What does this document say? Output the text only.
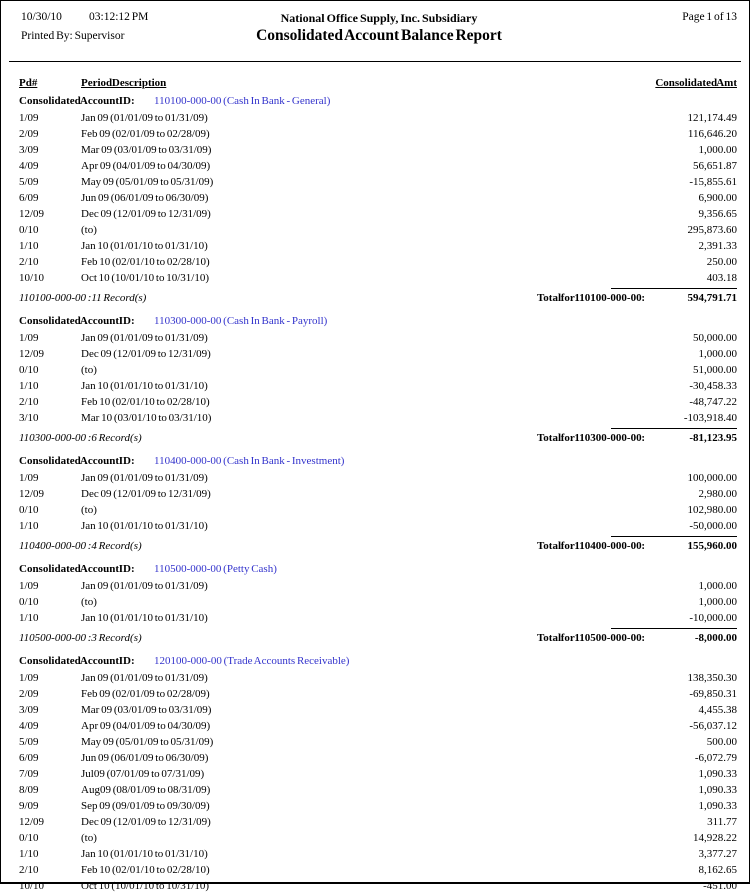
10/30/10 03:12:12 PM	National Office Supply, Inc. Subsidiary	Page 1 of 13
Printed By: Supervisor	Consolidated Account Balance Report
Pd#	Period Description	Consolidated Amt
Consolidated Account ID:	110100-000-00 (Cash In Bank - General)
1/09	Jan 09 (01/01/09 to 01/31/09)	121,174.49
2/09	Feb 09 (02/01/09 to 02/28/09)	116,646.20
3/09	Mar 09 (03/01/09 to 03/31/09)	1,000.00
4/09	Apr 09 (04/01/09 to 04/30/09)	56,651.87
5/09	May 09 (05/01/09 to 05/31/09)	-15,855.61
6/09	Jun 09 (06/01/09 to 06/30/09)	6,900.00
12/09	Dec 09 (12/01/09 to 12/31/09)	9,356.65
0/10	(to)	295,873.60
1/10	Jan 10 (01/01/10 to 01/31/10)	2,391.33
2/10	Feb 10 (02/01/10 to 02/28/10)	250.00
10/10	Oct 10 (10/01/10 to 10/31/10)	403.18
110100-000-00 :11 Record(s)	Total for 110100-000-00 :	594,791.71
Consolidated Account ID:	110300-000-00 (Cash In Bank - Payroll)
1/09	Jan 09 (01/01/09 to 01/31/09)	50,000.00
12/09	Dec 09 (12/01/09 to 12/31/09)	1,000.00
0/10	(to)	51,000.00
1/10	Jan 10 (01/01/10 to 01/31/10)	-30,458.33
2/10	Feb 10 (02/01/10 to 02/28/10)	-48,747.22
3/10	Mar 10 (03/01/10 to 03/31/10)	-103,918.40
110300-000-00 :6 Record(s)	Total for 110300-000-00 :	-81,123.95
Consolidated Account ID:	110400-000-00 (Cash In Bank - Investment)
1/09	Jan 09 (01/01/09 to 01/31/09)	100,000.00
12/09	Dec 09 (12/01/09 to 12/31/09)	2,980.00
0/10	(to)	102,980.00
1/10	Jan 10 (01/01/10 to 01/31/10)	-50,000.00
110400-000-00 :4 Record(s)	Total for 110400-000-00 :	155,960.00
Consolidated Account ID:	110500-000-00 (Petty Cash)
1/09	Jan 09 (01/01/09 to 01/31/09)	1,000.00
0/10	(to)	1,000.00
1/10	Jan 10 (01/01/10 to 01/31/10)	-10,000.00
110500-000-00 :3 Record(s)	Total for 110500-000-00 :	-8,000.00
Consolidated Account ID:	120100-000-00 (Trade Accounts Receivable)
1/09	Jan 09 (01/01/09 to 01/31/09)	138,350.30
2/09	Feb 09 (02/01/09 to 02/28/09)	-69,850.31
3/09	Mar 09 (03/01/09 to 03/31/09)	4,455.38
4/09	Apr 09 (04/01/09 to 04/30/09)	-56,037.12
5/09	May 09 (05/01/09 to 05/31/09)	500.00
6/09	Jun 09 (06/01/09 to 06/30/09)	-6,072.79
7/09	Jul09 (07/01/09 to 07/31/09)	1,090.33
8/09	Aug09 (08/01/09 to 08/31/09)	1,090.33
9/09	Sep 09 (09/01/09 to 09/30/09)	1,090.33
12/09	Dec 09 (12/01/09 to 12/31/09)	311.77
0/10	(to)	14,928.22
1/10	Jan 10 (01/01/10 to 01/31/10)	3,377.27
2/10	Feb 10 (02/01/10 to 02/28/10)	8,162.65
10/10	Oct 10 (10/01/10 to 10/31/10)	-451.00
